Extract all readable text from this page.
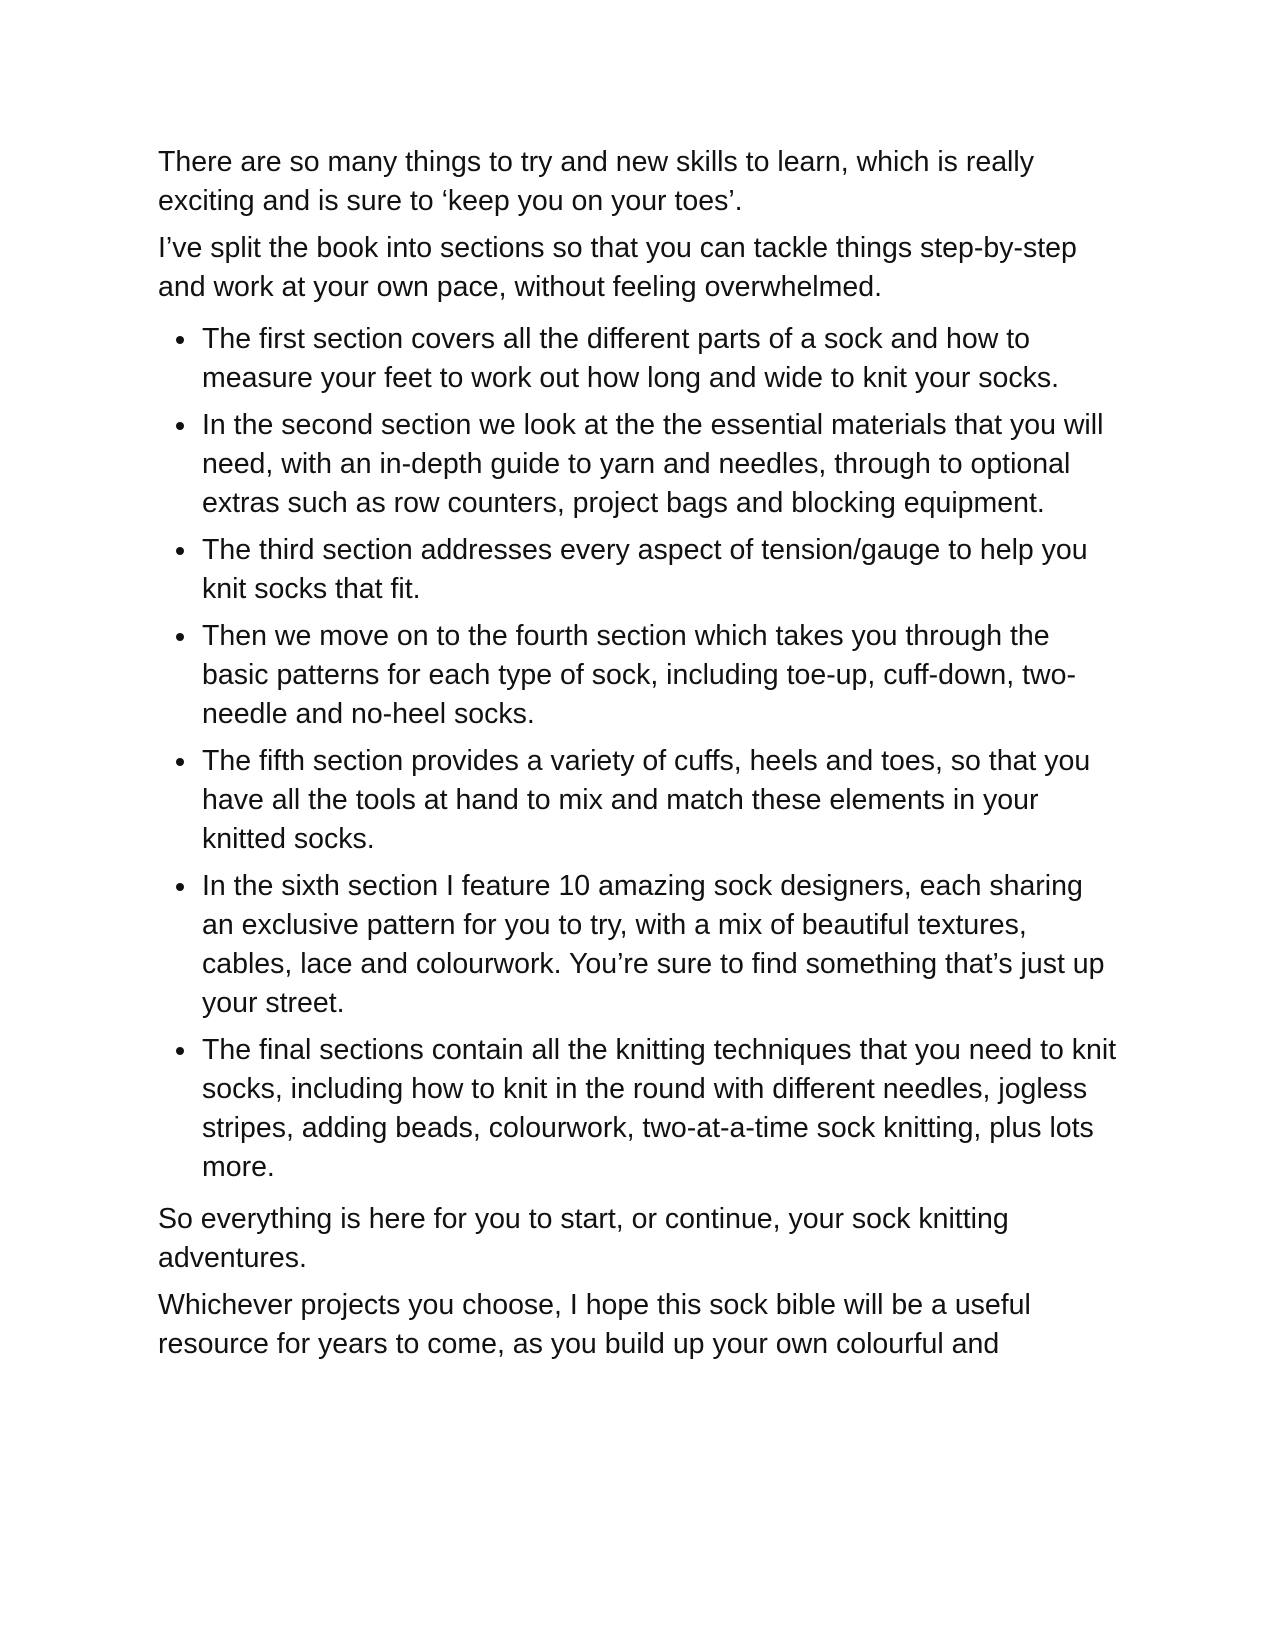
There are so many things to try and new skills to learn, which is really exciting and is sure to ‘keep you on your toes’.

I’ve split the book into sections so that you can tackle things step-by-step and work at your own pace, without feeling overwhelmed.

The first section covers all the different parts of a sock and how to measure your feet to work out how long and wide to knit your socks.
In the second section we look at the the essential materials that you will need, with an in-depth guide to yarn and needles, through to optional extras such as row counters, project bags and blocking equipment.
The third section addresses every aspect of tension/gauge to help you knit socks that fit.
Then we move on to the fourth section which takes you through the basic patterns for each type of sock, including toe-up, cuff-down, two-needle and no-heel socks.
The fifth section provides a variety of cuffs, heels and toes, so that you have all the tools at hand to mix and match these elements in your knitted socks.
In the sixth section I feature 10 amazing sock designers, each sharing an exclusive pattern for you to try, with a mix of beautiful textures, cables, lace and colourwork. You’re sure to find something that’s just up your street.
The final sections contain all the knitting techniques that you need to knit socks, including how to knit in the round with different needles, jogless stripes, adding beads, colourwork, two-at-a-time sock knitting, plus lots more.

So everything is here for you to start, or continue, your sock knitting adventures.

Whichever projects you choose, I hope this sock bible will be a useful resource for years to come, as you build up your own colourful and
